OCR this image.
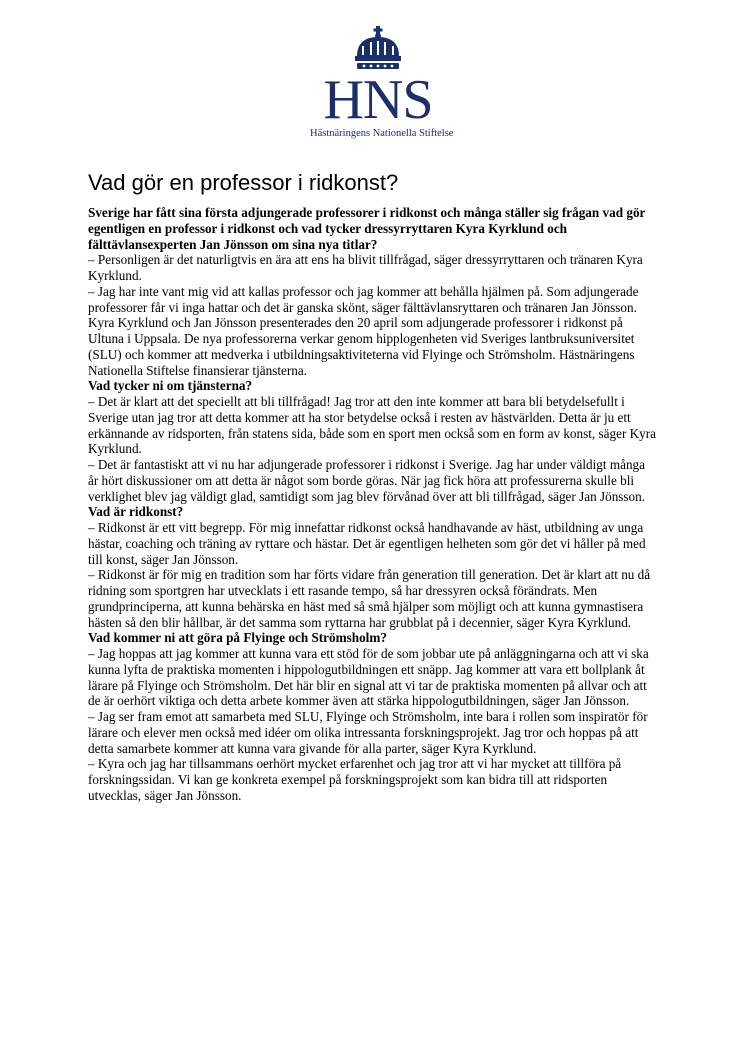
HNS
Hästnäringens Nationella Stiftelse
Vad gör en professor i ridkonst?

Sverige har fått sina första adjungerade professorer i ridkonst och många ställer sig frågan vad gör egentligen en professor i ridkonst och vad tycker dressyrryttaren Kyra Kyrklund och fälttävlansexperten Jan Jönsson om sina nya titlar?

– Personligen är det naturligtvis en ära att ens ha blivit tillfrågad, säger dressyrryttaren och tränaren Kyra Kyrklund.

– Jag har inte vant mig vid att kallas professor och jag kommer att behålla hjälmen på. Som adjungerade professorer får vi inga hattar och det är ganska skönt, säger fälttävlansryttaren och tränaren Jan Jönsson.

Kyra Kyrklund och Jan Jönsson presenterades den 20 april som adjungerade professorer i ridkonst på Ultuna i Uppsala. De nya professorerna verkar genom hipplogenheten vid Sveriges lantbruksuniversitet (SLU) och kommer att medverka i utbildningsaktiviteterna vid Flyinge och Strömsholm. Hästnäringens Nationella Stiftelse finansierar tjänsterna.

Vad tycker ni om tjänsterna?

– Det är klart att det speciellt att bli tillfrågad! Jag tror att den inte kommer att bara bli betydelsefullt i Sverige utan jag tror att detta kommer att ha stor betydelse också i resten av hästvärlden. Detta är ju ett erkännande av ridsporten, från statens sida, både som en sport men också som en form av konst, säger Kyra Kyrklund.

– Det är fantastiskt att vi nu har adjungerade professorer i ridkonst i Sverige. Jag har under väldigt många år hört diskussioner om att detta är något som borde göras. När jag fick höra att professurerna skulle bli verklighet blev jag väldigt glad, samtidigt som jag blev förvånad över att bli tillfrågad, säger Jan Jönsson.

Vad är ridkonst?

– Ridkonst är ett vitt begrepp. För mig innefattar ridkonst också handhavande av häst, utbildning av unga hästar, coaching och träning av ryttare och hästar. Det är egentligen helheten som gör det vi håller på med till konst, säger Jan Jönsson.

– Ridkonst är för mig en tradition som har förts vidare från generation till generation. Det är klart att nu då ridning som sportgren har utvecklats i ett rasande tempo, så har dressyren också förändrats. Men grundprinciperna, att kunna behärska en häst med så små hjälper som möjligt och att kunna gymnastisera hästen så den blir hållbar, är det samma som ryttarna har grubblat på i decennier, säger Kyra Kyrklund.

Vad kommer ni att göra på Flyinge och Strömsholm?

– Jag hoppas att jag kommer att kunna vara ett stöd för de som jobbar ute på anläggningarna och att vi ska kunna lyfta de praktiska momenten i hippologutbildningen ett snäpp. Jag kommer att vara ett bollplank åt lärare på Flyinge och Strömsholm. Det här blir en signal att vi tar de praktiska momenten på allvar och att de är oerhört viktiga och detta arbete kommer även att stärka hippologutbildningen, säger Jan Jönsson.

– Jag ser fram emot att samarbeta med SLU, Flyinge och Strömsholm, inte bara i rollen som inspiratör för lärare och elever men också med idéer om olika intressanta forskningsprojekt. Jag tror och hoppas på att detta samarbete kommer att kunna vara givande för alla parter, säger Kyra Kyrklund.

– Kyra och jag har tillsammans oerhört mycket erfarenhet och jag tror att vi har mycket att tillföra på forskningssidan. Vi kan ge konkreta exempel på forskningsprojekt som kan bidra till att ridsporten utvecklas, säger Jan Jönsson.
